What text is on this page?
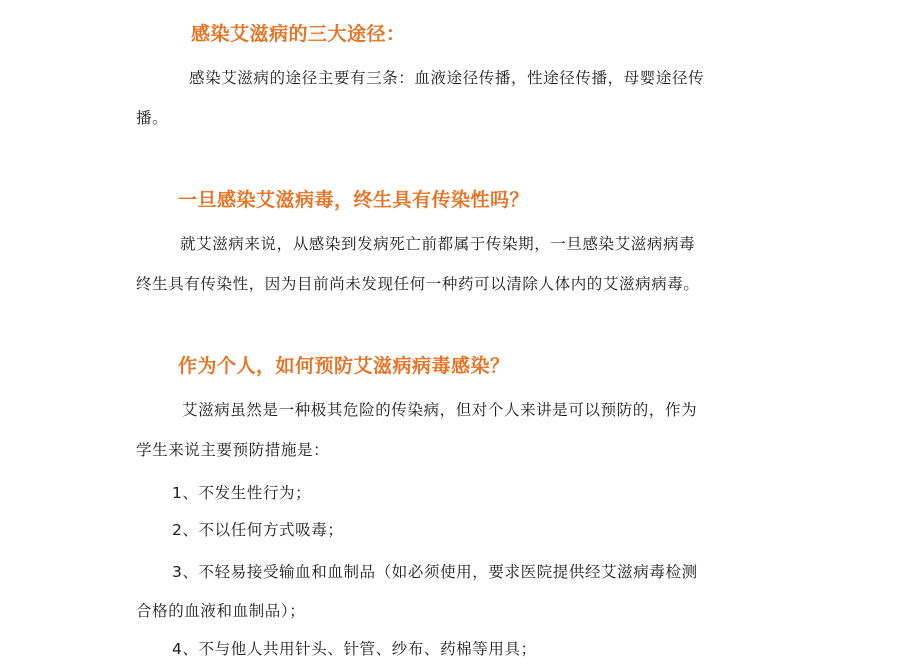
感染艾滋病的三大途径：
感染艾滋病的途径主要有三条：血液途径传播，性途径传播，母婴途径传
播。
一旦感染艾滋病毒，终生具有传染性吗？
就艾滋病来说，从感染到发病死亡前都属于传染期，一旦感染艾滋病病毒
终生具有传染性，因为目前尚未发现任何一种药可以清除人体内的艾滋病病毒。
作为个人，如何预防艾滋病病毒感染？
艾滋病虽然是一种极其危险的传染病，但对个人来讲是可以预防的，作为
学生来说主要预防措施是：
1、不发生性行为；
2、不以任何方式吸毒；
3、不轻易接受输血和血制品（如必须使用，要求医院提供经艾滋病毒检测
合格的血液和血制品）；
4、不与他人共用针头、针管、纱布、药棉等用具；
